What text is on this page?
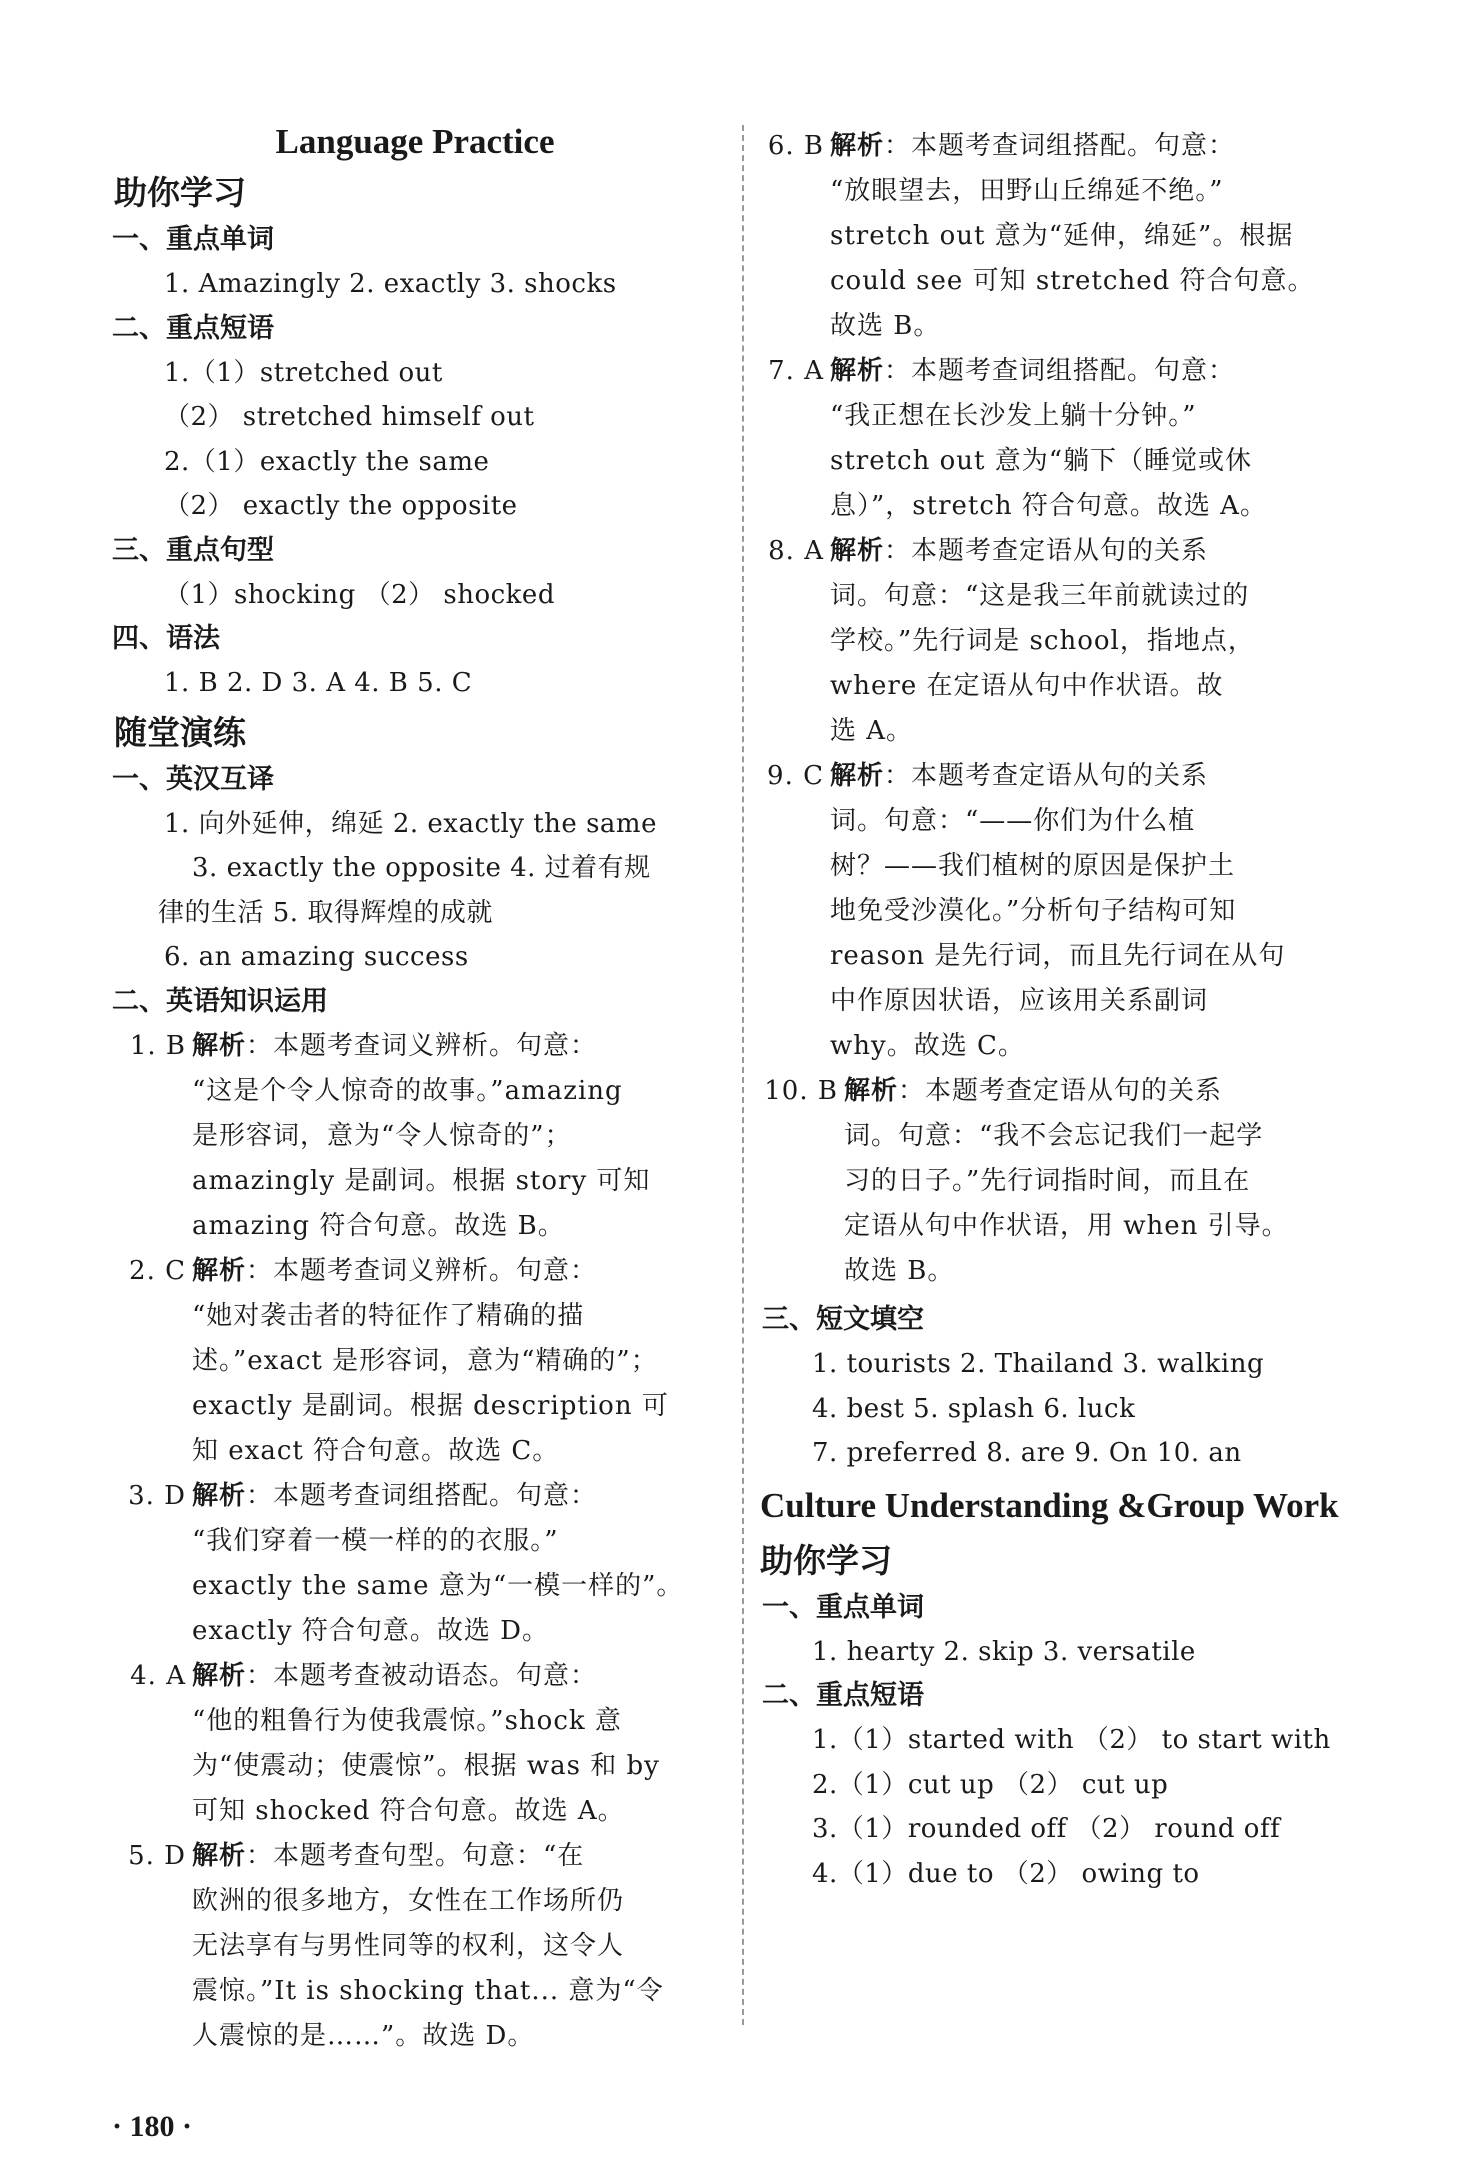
Language Practice
助你学习
一、重点单词
1. Amazingly 2. exactly 3. shocks
二、重点短语
1.（1）stretched out
（2） stretched himself out
2.（1）exactly the same
（2） exactly the opposite
三、重点句型
（1）shocking （2） shocked
四、语法
1. B 2. D 3. A 4. B 5. C
随堂演练
一、英汉互译
1. 向外延伸，绵延 2. exactly the same
3. exactly the opposite 4. 过着有规
律的生活 5. 取得辉煌的成就
6. an amazing success
二、英语知识运用
1. B 解析：本题考查词义辨析。句意：
“这是个令人惊奇的故事。”amazing
是形容词，意为“令人惊奇的”；
amazingly 是副词。根据 story 可知
amazing 符合句意。故选 B。
2. C 解析：本题考查词义辨析。句意：
“她对袭击者的特征作了精确的描
述。”exact 是形容词，意为“精确的”；
exactly 是副词。根据 description 可
知 exact 符合句意。故选 C。
3. D 解析：本题考查词组搭配。句意：
“我们穿着一模一样的的衣服。”
exactly the same 意为“一模一样的”。
exactly 符合句意。故选 D。
4. A 解析：本题考查被动语态。句意：
“他的粗鲁行为使我震惊。”shock 意
为“使震动；使震惊”。根据 was 和 by
可知 shocked 符合句意。故选 A。
5. D 解析：本题考查句型。句意：“在
欧洲的很多地方，女性在工作场所仍
无法享有与男性同等的权利，这令人
震惊。”It is shocking that... 意为“令
人震惊的是……”。故选 D。
6. B 解析：本题考查词组搭配。句意：
“放眼望去，田野山丘绵延不绝。”
stretch out 意为“延伸，绵延”。根据
could see 可知 stretched 符合句意。
故选 B。
7. A 解析：本题考查词组搭配。句意：
“我正想在长沙发上躺十分钟。”
stretch out 意为“躺下（睡觉或休
息）”，stretch 符合句意。故选 A。
8. A 解析：本题考查定语从句的关系
词。句意：“这是我三年前就读过的
学校。”先行词是 school，指地点，
where 在定语从句中作状语。故
选 A。
9. C 解析：本题考查定语从句的关系
词。句意：“——你们为什么植
树？——我们植树的原因是保护土
地免受沙漠化。”分析句子结构可知
reason 是先行词，而且先行词在从句
中作原因状语，应该用关系副词
why。故选 C。
10. B 解析：本题考查定语从句的关系
词。句意：“我不会忘记我们一起学
习的日子。”先行词指时间，而且在
定语从句中作状语，用 when 引导。
故选 B。
三、短文填空
1. tourists 2. Thailand 3. walking
4. best 5. splash 6. luck
7. preferred 8. are 9. On 10. an
Culture Understanding &Group Work
助你学习
一、重点单词
1. hearty 2. skip 3. versatile
二、重点短语
1.（1）started with （2） to start with
2.（1）cut up （2） cut up
3.（1）rounded off （2） round off
4.（1）due to （2） owing to
· 180 ·
